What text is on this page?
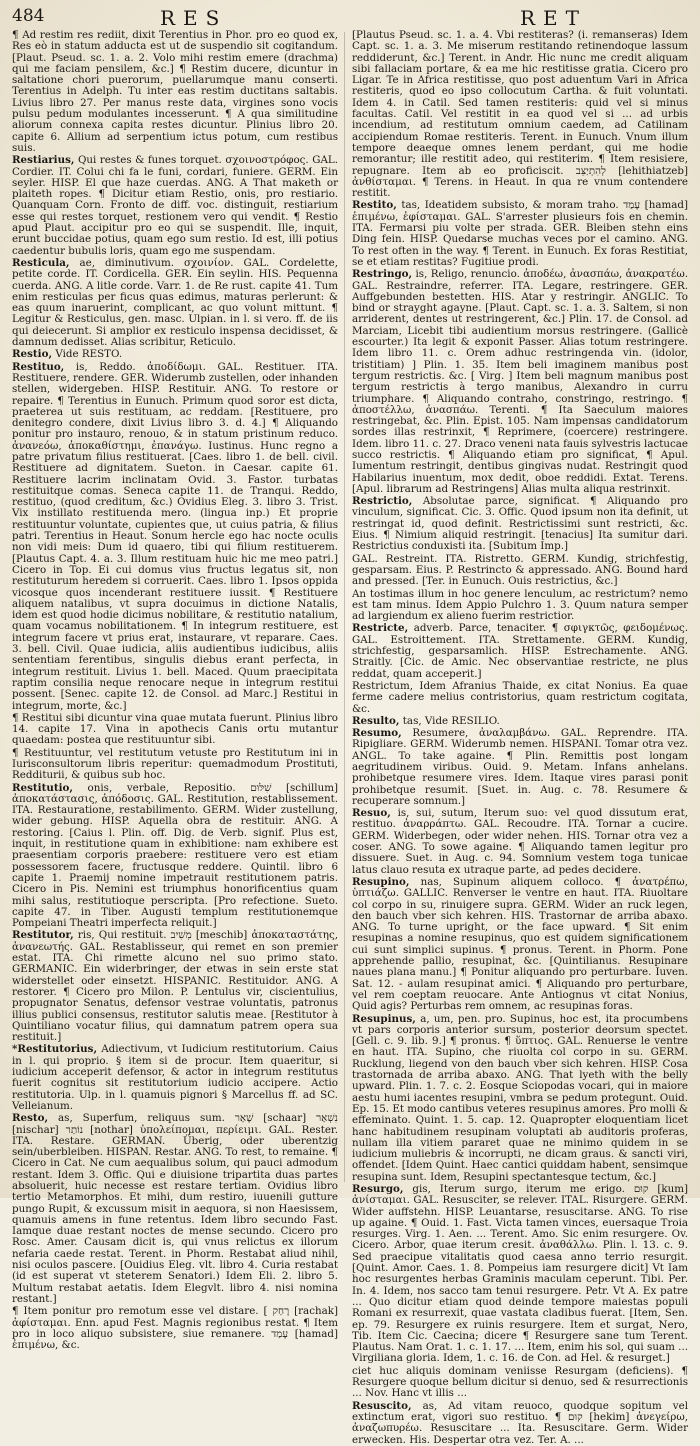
484	RES	RET

¶ Ad restim res rediit, dixit Terentius in Phor. pro eo quod ex, Res eò in statum adducta est ut de suspendio sit cogitandum. [Plaut. Pseud. sc. 1. a. 2. Volo mihi restim emere (drachma) qui me faciam pensilem, &c.] ¶ Restim ducere, dicuntur in saltatione chori puerorum, puellarumque manu conserti. Terentius in Adelph. Tu inter eas restim ductitans saltabis. Livius libro 27. Per manus reste data, virgines sono vocis pulsu pedum modulantes incesserunt. ¶ A qua similitudine aliorum connexa capita restes dicuntur. Plinius libro 20. capite 6. Allium ad serpentium ictus potum, cum restibus suis.

Restiarius, Qui restes & funes torquet. σχοινοστρόφος. GAL. Cordier. IT. Colui chi fa le funi, cordari, funiere. GERM. Ein seyler. HISP. El que haze cuerdas. ANG. A That maketh or plaiteth ropes. ¶ Dicitur etiam Restio, onis, pro restiario. Quanquam Corn. Fronto de diff. voc. distinguit, restiarium esse qui restes torquet, restionem vero qui vendit. ¶ Restio apud Plaut. accipitur pro eo qui se suspendit. Ille, inquit, erunt buccidae potius, quam ego sum restio. Id est, illi potius caedentur bubulis loris, quam ego me suspendam.

Resticula, ae, diminutivum. σχοινίον. GAL. Cordelette, petite corde. IT. Cordicella. GER. Ein seylin. HIS. Pequenna cuerda. ANG. A litle corde. Varr. 1. de Re rust. capite 41. Tum enim resticulas per ficus quas edimus, maturas perlerunt: & eas quum inaruerint, complicant, ac quo volunt mittunt. ¶ Legitur & Resticulus, gen. masc. Ulpian. in l. si vero. ff. de iis qui deiecerunt. Si amplior ex resticulo inspensa decidisset, & damnum dedisset. Alias scribitur, Reticulo.

Restio, Vide RESTO.

Restituo, is, Reddo. ἀποδίδωμι. GAL. Restituer. ITA. Restituere, rendere. GER. Widerumb zustellen, oder inhanden stellen, widergeben. HISP. Restituir. ANG. To restore or repaire. ¶ Terentius in Eunuch. Primum quod soror est dicta, praeterea ut suis restituam, ac reddam. [Restituere, pro denitegro condere, dixit Livius libro 3. d. 4.] ¶ Aliquando ponitur pro instauro, renouo, & in statum pristinum reduco. ἀνανεόω, ἀποκαθίστημι, ἐπανάγω. Iustinus. Hunc regno a patre privatum filius restituerat. [Caes. libro 1. de bell. civil. Restituere ad dignitatem. Sueton. in Caesar. capite 61. Restituere lacrim inclinatam Ovid. 3. Fastor. turbatas restituitque comas. Seneca capite 11. de Tranqui. Reddo, restituo, (quod creditum, &c.) Ovidius Eleg. 3. libro 3. Trist. Vix instillato restituenda mero. (lingua inp.) Et proprie restituuntur voluntate, cupientes que, ut cuius patria, & filius patri. Terentius in Heaut. Sonum hercle ego hac nocte oculis non vidi meis: Dum id quaero, tibi qui filium restituerem. [Plautus Capt. 4. a. 3. Illum restituam huic hic me meo patri.] Cicero in Top. Ei cui domus vius fructus legatus sit, non restituturum heredem si corruerit. Caes. libro 1. Ipsos oppida vicosque quos incenderant restituere iussit. ¶ Restituere aliquem natalibus, vt supra docuimus in dictione Natalis, idem est quod hodie dicimus nobilitare, & restitutio natalium, quam vocamus nobilitationem. ¶ In integrum restituere, est integrum facere vt prius erat, instaurare, vt reparare. Caes. 3. bell. Civil. Quae iudicia, aliis audientibus iudicibus, aliis sententiam ferentibus, singulis diebus erant perfecta, in integrum restituit. Livius 1. bell. Maced. Quum praecipitata raptim consilia neque renocare neque in integrum restitui possent. [Senec. capite 12. de Consol. ad Marc.] Restitui in integrum, morte, &c.]

¶ Restitui sibi dicuntur vina quae mutata fuerunt. Plinius libro 14. capite 17. Vina in apothecis Canis ortu mutantur quaedam: postea que restituuntur sibi.

¶ Restituuntur, vel restitutum vetuste pro Restitutum ini in Iurisconsultorum libris reperitur: quemadmodum Prostituti, Redditurii, & quibus sub hoc.

Restitutio, onis, verbale, Repositio. שִׁלּוּם [schillum] ἀποκατάστασις, ἀπόδοσις. GAL. Restitution, restablissement. ITA. Restauratione, restabilimento. GERM. Wider zustellung, wider gebung. HISP. Aquella obra de restituir. ANG. A restoring. [Caius l. Plin. off. Dig. de Verb. signif. Plus est, inquit, in restitutione quam in exhibitione: nam exhibere est praesentiam corporis praebere: restituere vero est etiam possessorem facere, fructusque reddere. Quintil. libro 6 capite 1. Praemij nomine impetrauit restitutionem patris. Cicero in Pis. Nemini est triumphus honorificentius quam mihi salus, restitutioque perscripta. [Pro refectione. Sueto. capite 47. in Tiber. Augusti templum restitutionemque Pompeiani Theatri imperfecta reliquit.]

Restitutor, ris, Qui restituit. מְשִׁיב [meschib] ἀποκαταστάτης, ἀνανεωτής. GAL. Restablisseur, qui remet en son premier estat. ITA. Chi rimette alcuno nel suo primo stato. GERMANIC. Ein widerbringer, der etwas in sein erste stat widerstellet oder einsetzt. HISPANIC. Restituidor. ANG. A restorer. ¶ Cicero pro Milon. P. Lentulus vir, ciscientulius, propugnator Senatus, defensor vestrae voluntatis, patronus illius publici consensus, restitutor salutis meae. [Restitutor à Quintiliano vocatur filius, qui damnatum patrem opera sua restituit.]

*Restitutorius, Adiectivum, vt Iudicium restitutorium. Caius in l. qui proprio. § item si de procur. Item quaeritur, si iudicium acceperit defensor, & actor in integrum restitutus fuerit cognitus sit restitutorium iudicio accipere. Actio restitutoria. Ulp. in l. quamuis pignori § Marcellus ff. ad SC. Velleianum.

Resto, as, Superfum, reliquus sum. שָׁאַר [schaar] נִשְׁאַר [nischar] נוֹתַר [nothar] ὑπολείπομαι, περίειμι. GAL. Rester. ITA. Restare. GERMAN. Überig, oder uberentzig sein/uberbleiben. HISPAN. Restar. ANG. To rest, to remaine. ¶ Cicero in Cat. Ne cum aequalibus solum, qui pauci admodum restant. Idem 3. Offic. Qui e diuisione tripartita duas partes absoluerit, huic necesse est restare tertiam. Ovidius libro tertio Metamorphos. Et mihi, dum restiro, iuuenili gutture pungo Rupit, & excussum misit in aequora, si non Haesissem, quamuis amens in fune retentus. Idem libro secundo Fast. Iamque duae restant noctes de mense secundo. Cicero pro Rosc. Amer. Causam dicit is, qui vnus relictus ex illorum nefaria caede restat. Terent. in Phorm. Restabat aliud nihil, nisi oculos pascere. [Ouidius Eleg. vlt. libro 4. Curia restabat (id est superat vt steterem Senatori.) Idem Eli. 2. libro 5. Multum restabat aetatis. Idem Elegvlt. libro 4. nisi nomina restant.]

¶ Item ponitur pro remotum esse vel distare. [ רָחַק [rachak] ἀφίσταμαι. Enn. apud Fest. Magnis regionibus restat. ¶ Item pro in loco aliquo subsistere, siue remanere. עָמַד [hamad] ἐπιμένω, &c.

[Plautus Pseud. sc. 1. a. 4. Vbi restiteras? (i. remanseras) Idem Capt. sc. 1. a. 3. Me miserum restitando retinendoque lassum reddiderunt, &c.] Terent. in Andr. Hic nunc me credit aliquam sibi fallaciam portare, & ea me hic restitisse gratia. Cicero pro Ligar. Te in Africa restitisse, quo post aduentum Vari in Africa restiteris, quod eo ipso collocutum Cartha. & fuit voluntati. Idem 4. in Catil. Sed tamen restiteris: quid vel si minus facultas. Catil. Vel restitit in ea quod vel si ... ad urbis incendium, ad restitutum omnium caedem, ad Catilinam accipiendum Romae restiteris. Terent. in Eunuch. Vnum illum tempore deaeque omnes lenem perdant, qui me hodie remorantur; ille restitit adeo, qui restiterim. ¶ Item resisiere, repugnare. Item ab eo proficiscit. לְהִתְיַצֵּב [lehithiatzeb] ἀνθίσταμαι. ¶ Terens. in Heaut. In qua re vnum contendere restitit.

Restito, tas, Ideatidem subsisto, & moram traho. עָמַד [hamad] ἐπιμένω, ἐφίσταμαι. GAL. S'arrester plusieurs fois en chemin. ITA. Fermarsi piu volte per strada. GER. Bleiben stehn eins Ding fein. HISP. Quedarse muchas veces por el camino. ANG. To rest often in the way. ¶ Terent. in Eunuch. Ex foras Restitiat, se et etiam restitas? Fugitiue prodi.

Restringo, is, Religo, renuncio. ἀποδέω, ἀνασπάω, ἀνακρατέω. GAL. Restraindre, referrer. ITA. Legare, restringere. GER. Auffgebunden bestetten. HIS. Atar y restringir. ANGLIC. To bind or strayght agayne. [Plaut. Capt. sc. 1. a. 3. Saltem, si non arriderent, dentes ut restringerent, &c.] Plin. 17. de Consol. ad Marciam, Licebit tibi audientium morsus restringere. (Gallicè escourter.) Ita legit & exponit Passer. Alias totum restringere. Idem libro 11. c. Orem adhuc restringenda vin. (idolor, tristitiam) ] Plin. 1. 35. Item beli imaginem manibus post tergum restrictis. &c. [ Virg. ] Item beli magnum manibus post tergum restrictis à tergo manibus, Alexandro in curru triumphare. ¶ Aliquando contraho, constringo, restringo. ¶ ἀποστέλλω, ἀνασπάω. Terenti. ¶ Ita Saeculum maiores restringebat, &c. Plin. Epist. 105. Nam impensas candidatorum sordes illas restrinxit, ¶ Reprimere, (coercere) restringere. Idem. libro 11. c. 27. Draco veneni nata fauis sylvestris lactucae succo restrictis. ¶ Aliquando etiam pro significat, ¶ Apul. Iumentum restringit, dentibus gingivas nudat. Restringit quod Habilarius inuentum, mox dedit, oboe reddidi. Extat. Terens. [Apul. librarum ad Restringens] Alias multa aliqua restrinxit.

Restrictio, Absolutae parce, significat. ¶ Aliquando pro vinculum, significat. Cic. 3. Offic. Quod ipsum non ita definit, ut restringat id, quod definit. Restrictissimi sunt restricti, &c. Eius. ¶ Nimium aliquid restringit. [tenacius] Ita sumitur dari. Restrictius conduxisti ita. [Subitum Imp.]

GAL. Restreint. ITA. Ristretto. GERM. Kundig, strichfestig, gesparsam. Eius. P. Restrincto & appressado. ANG. Bound hard and pressed. [Ter. in Eunuch. Ouis restrictius, &c.]

An tostimas illum in hoc genere lenculum, ac restrictum? nemo est tam minus. Idem Appio Pulchro 1. 3. Quum natura semper ad largiendum ex alieno fuerim restrictior.

Restricte, adverb. Parce, tenaciter. ¶ σφιγκτῶς, φειδομένως. GAL. Estroittement. ITA. Strettamente. GERM. Kundig, strichfestig, gesparsamlich. HISP. Estrechamente. ANG. Straitly. [Cic. de Amic. Nec observantiae restricte, ne plus reddat, quam acceperit.]

Restrictum, Idem Afranius Thaide, ex citat Nonius. Ea quae ferme cadere melius contristorius, quam restrictum cogitata, &c.

Resulto, tas, Vide RESILIO.

Resumo, Resumere, ἀναλαμβάνω. GAL. Reprendre. ITA. Ripigliare. GERM. Widerumb nemen. HISPANI. Tomar otra vez. ANGL. To take againe. ¶ Plin. Remittis post longam aegritudinem viribus. Ouid. 9. Metam. Infans anhelans. prohibetque resumere vires. Idem. Itaque vires parasi ponit prohibetque resumit. [Suet. in. Aug. c. 78. Resumere & recuperare somnum.]

Resuo, is, sui, sutum, Iterum suo: vel quod dissutum erat, restituo. ἀναρράπτω. GAL. Recoudre. ITA. Tornar a cucire. GERM. Widerbegen, oder wider nehen. HIS. Tornar otra vez a coser. ANG. To sowe againe. ¶ Aliquando tamen legitur pro dissuere. Suet. in Aug. c. 94. Somnium vestem toga tunicae latus clauo resuta ex utraque parte, ad pedes decidere.

Resupino, nas, Supinum aliquem colloco. ¶ ἀνατρέπω, ὑπτιάζω. GALLIC. Renverser le ventre en haut. ITA. Riuoltare col corpo in su, rinuigere supra. GERM. Wider an ruck legen, den bauch vber sich kehren. HIS. Trastornar de arriba abaxo. ANG. To turne upright, or the face upward. ¶ Sit enim resupinas a nomine resupinus, quo est quidem significationem cui sunt simplici supinus. ¶ pronus. Terent. in Phorm. Pone apprehende pallio, resupinat, &c. [Quintilianus. Resupinare naues plana manu.] ¶ Ponitur aliquando pro perturbare. Iuven. Sat. 12. - aulam resupinat amici. ¶ Aliquando pro perturbare, vel rem coeptam reuocare. Ante Antiognus vt citat Nonius, Quid agis? Perturbas rem omnem, ac resupinas foras.

Resupinus, a, um, pen. pro. Supinus, hoc est, ita procumbens vt pars corporis anterior sursum, posterior deorsum spectet. [Gell. c. 9. lib. 9.] ¶ pronus. ¶ ὕπτιος. GAL. Renuerse le ventre en haut. ITA. Supino, che riuolta col corpo in su. GERM. Rucklung, liegend von den bauch vber sich kehren. HISP. Cosa trastornada de arriba abaxo. ANG. That lyeth with the belly upward. Plin. 1. 7. c. 2. Eosque Sciopodas vocari, qui in maiore aestu humi iacentes resupini, vmbra se pedum protegunt. Ouid. Ep. 15. Et modo cantibus veteres resupinus amores. Pro molli & effeminato. Quint. 1. 5. cap. 12. Quapropter eloquentiam licet hanc habitudinem resupinam voluptati ab auditoris proferas, nullam illa vitiem pararet quae ne minimo quidem in se iudicium muliebris & incorrupti, ne dicam graus. & sancti viri, offendet. [Idem Quint. Haec cantici quiddam habent, sensimque resupina sunt. Idem, Resupini spectantesque tectum, &c.]

Resurgo, gis, Iterum surgo, iterum me erigo. קוּם [kum] ἀνίσταμαι. GAL. Resusciter, se relever. ITAL. Risurgere. GERM. Wider auffstehn. HISP. Leuantarse, resuscitarse. ANG. To rise up againe. ¶ Ouid. 1. Fast. Victa tamen vinces, euersaque Troia resurges. Virg. 1. Aen. ... Terent. Amo. Sic enim resurgere. Ov. Cicero. Arbor, quae iterum cresit. ἀναθάλλω. Plin. l. 13. c. 9. Sed praecipue vitalitatis quod caesa anno terrio resurgit. [Quint. Amor. Caes. 1. 8. Pompeius iam resurgere dicit] Vt Iam hoc resurgentes herbas Graminis maculam ceperunt. Tibi. Per. In. 4. Idem, nos sacco tam tenui resurgere. Petr. Vt A. Ex patre ... Quo dicitur etiam quod deinde tempore maiestas populi Romani ex resurrexit, quae vastata cladibus fuerat. [Item, Sen. ep. 79. Resurgere ex ruinis resurgere. Item et surgat, Nero, Tib. Item Cic. Caecina; dicere ¶ Resurgere sane tum Terent. Plautus. Nam Orat. 1. c. 1. 17. ... Item, enim his sol, qui suam ... Virgiliana gloria. Idem, 1. c. 16. de Con. ad Hel. & resurget.]

ciet huc aliquis dominam veniisse Resurgam (deficiens). ¶ Resurgere quoque bellum dicitur si denuo, sed & resurrectionis ... Nov. Hanc vt illis ...

Resuscito, as, Ad vitam reuoco, quodque sopitum vel extinctum erat, vigori suo restituo. ¶ קוּם [hekim] ἀνεγείρω, ἀναζωπυρέω. Resuscitare ... Ita. Resuscitare. Germ. Wider erwecken. His. Despertar otra vez. Ter. A. ...
